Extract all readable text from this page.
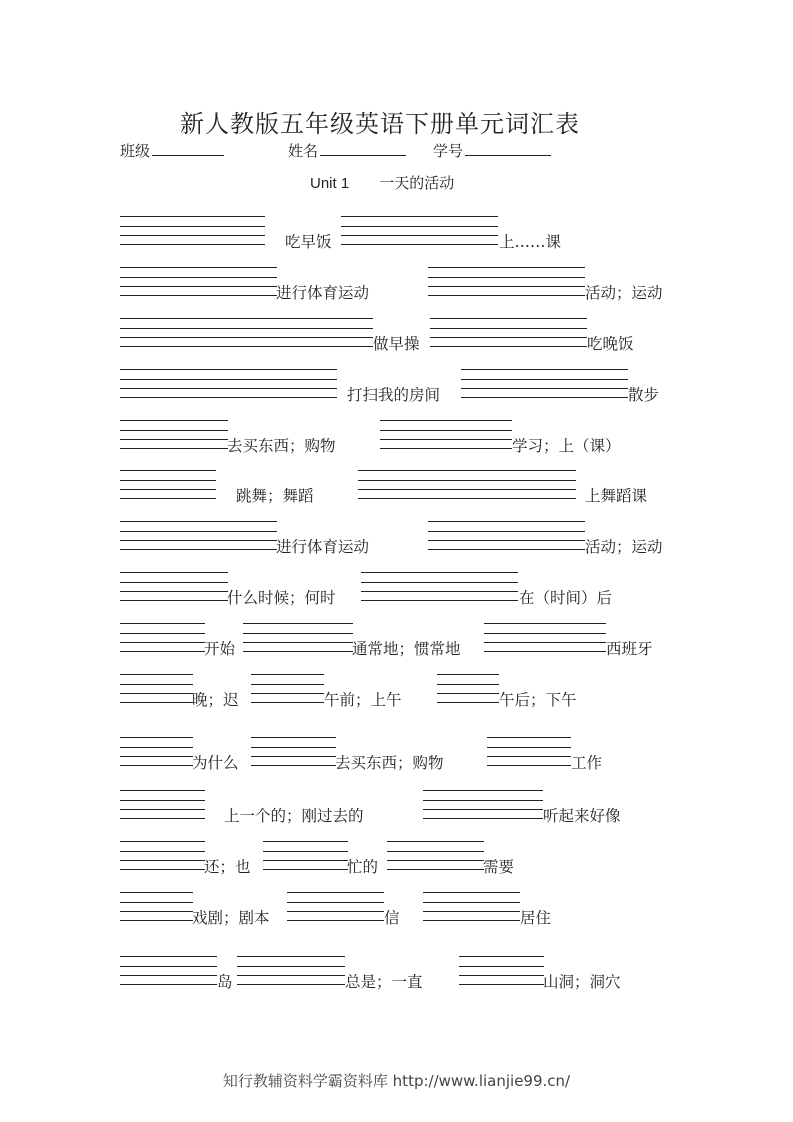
新人教版五年级英语下册单元词汇表
班级	姓名	学号
Unit 1 一天的活动
吃早饭	上……课
进行体育运动	活动；运动
做早操	吃晚饭
打扫我的房间	散步
去买东西；购物	学习；上（课）
跳舞；舞蹈	上舞蹈课
进行体育运动	活动；运动
什么时候；何时	在（时间）后
开始	通常地；惯常地	西班牙
晚；迟	午前；上午	午后；下午
为什么	去买东西；购物	工作
上一个的；刚过去的	听起来好像
还；也	忙的	需要
戏剧；剧本	信	居住
岛	总是；一直	山洞；洞穴
知行教辅资料学霸资料库 http://www.lianjie99.cn/
